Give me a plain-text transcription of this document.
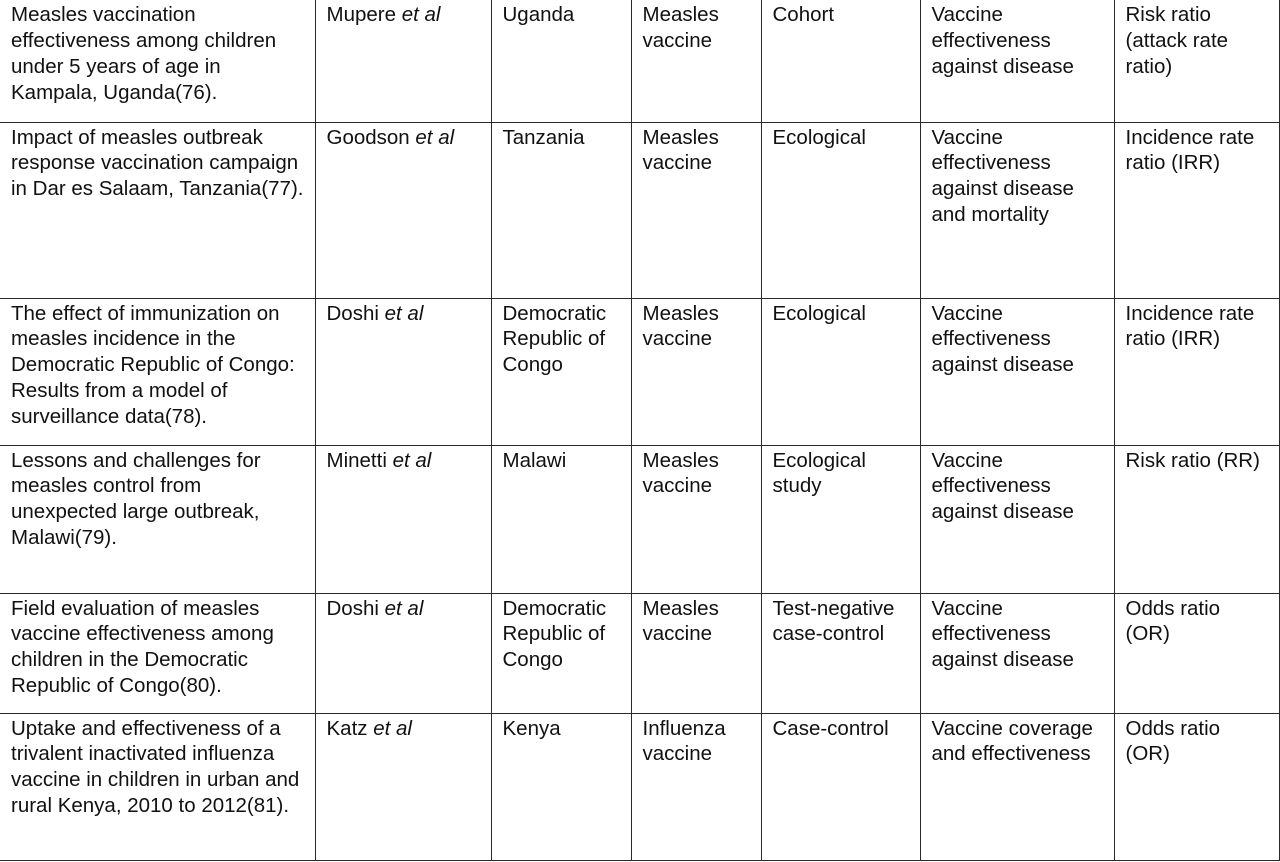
Measles vaccination effectiveness among children under 5 years of age in Kampala, Uganda(76).	Mupere et al	Uganda	Measles vaccine	Cohort	Vaccine effectiveness against disease	Risk ratio (attack rate ratio)
Impact of measles outbreak response vaccination campaign in Dar es Salaam, Tanzania(77).	Goodson et al	Tanzania	Measles vaccine	Ecological	Vaccine effectiveness against disease and mortality	Incidence rate ratio (IRR)
The effect of immunization on measles incidence in the Democratic Republic of Congo: Results from a model of surveillance data(78).	Doshi et al	Democratic Republic of Congo	Measles vaccine	Ecological	Vaccine effectiveness against disease	Incidence rate ratio (IRR)
Lessons and challenges for measles control from unexpected large outbreak, Malawi(79).	Minetti et al	Malawi	Measles vaccine	Ecological study	Vaccine effectiveness against disease	Risk ratio (RR)
Field evaluation of measles vaccine effectiveness among children in the Democratic Republic of Congo(80).	Doshi et al	Democratic Republic of Congo	Measles vaccine	Test-negative case-control	Vaccine effectiveness against disease	Odds ratio (OR)
Uptake and effectiveness of a trivalent inactivated influenza vaccine in children in urban and rural Kenya, 2010 to 2012(81).	Katz et al	Kenya	Influenza vaccine	Case-control	Vaccine coverage and effectiveness	Odds ratio (OR)
